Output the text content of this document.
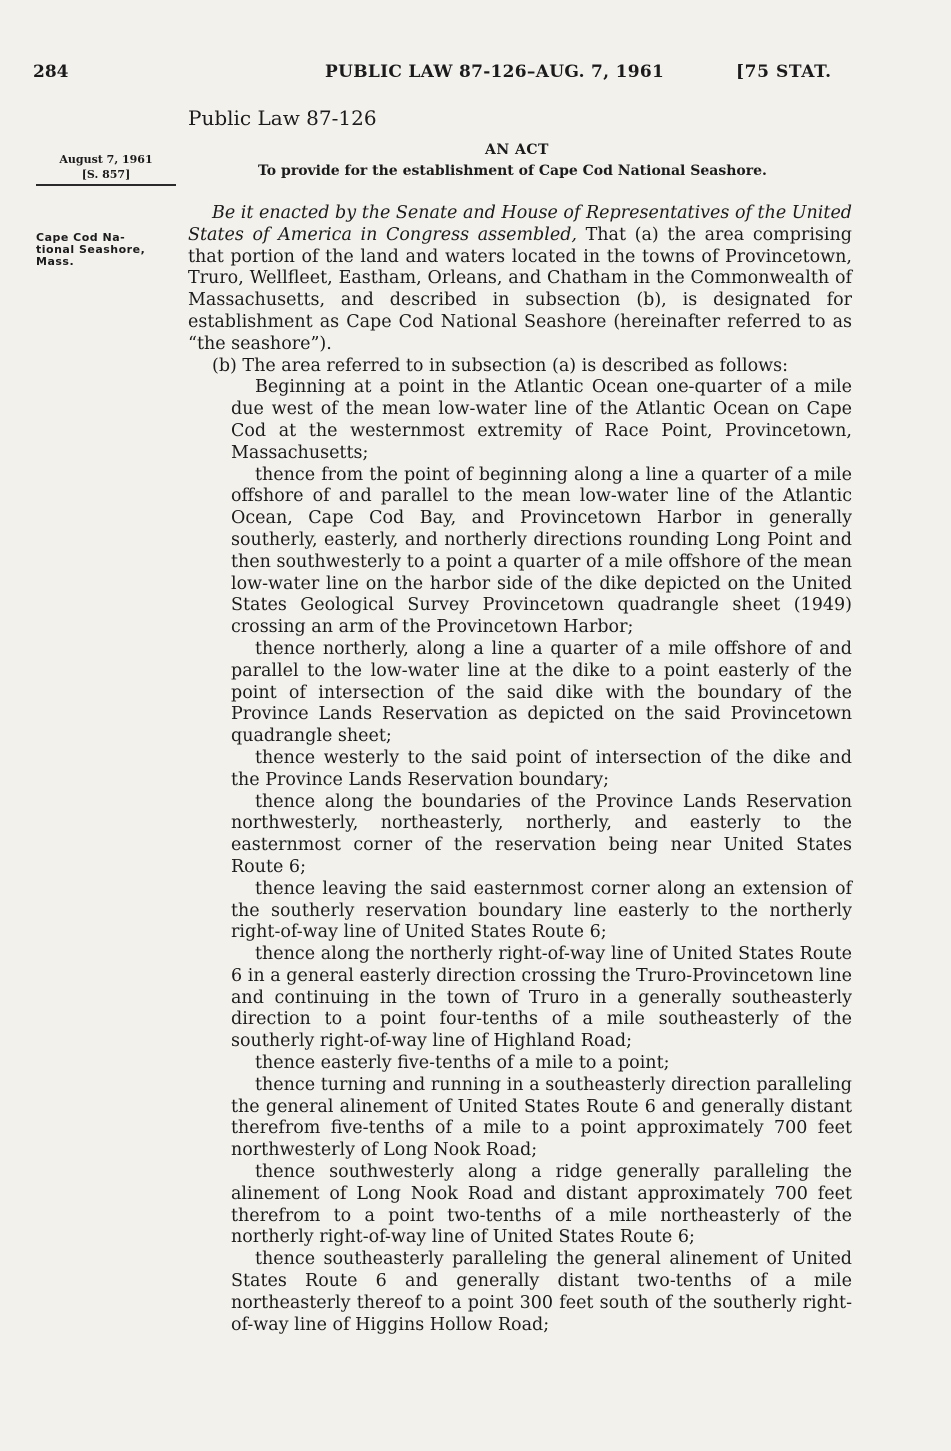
284	PUBLIC LAW 87-126–AUG. 7, 1961	[75 STAT.
Public Law 87-126
August 7, 1961
[S. 857]
AN ACT
To provide for the establishment of Cape Cod National Seashore.
Cape Cod Na-
tional Seashore,
Mass.

Be it enacted by the Senate and House of Representatives of the United States of America in Congress assembled, That (a) the area comprising that portion of the land and waters located in the towns of Provincetown, Truro, Wellfleet, Eastham, Orleans, and Chatham in the Commonwealth of Massachusetts, and described in subsection (b), is designated for establishment as Cape Cod National Seashore (hereinafter referred to as “the seashore”).

(b) The area referred to in subsection (a) is described as follows:

Beginning at a point in the Atlantic Ocean one-quarter of a mile due west of the mean low-water line of the Atlantic Ocean on Cape Cod at the westernmost extremity of Race Point, Provincetown, Massachusetts;

thence from the point of beginning along a line a quarter of a mile offshore of and parallel to the mean low-water line of the Atlantic Ocean, Cape Cod Bay, and Provincetown Harbor in generally southerly, easterly, and northerly directions rounding Long Point and then southwesterly to a point a quarter of a mile offshore of the mean low-water line on the harbor side of the dike depicted on the United States Geological Survey Provincetown quadrangle sheet (1949) crossing an arm of the Provincetown Harbor;

thence northerly, along a line a quarter of a mile offshore of and parallel to the low-water line at the dike to a point easterly of the point of intersection of the said dike with the boundary of the Province Lands Reservation as depicted on the said Provincetown quadrangle sheet;

thence westerly to the said point of intersection of the dike and the Province Lands Reservation boundary;

thence along the boundaries of the Province Lands Reservation northwesterly, northeasterly, northerly, and easterly to the easternmost corner of the reservation being near United States Route 6;

thence leaving the said easternmost corner along an extension of the southerly reservation boundary line easterly to the northerly right-of-way line of United States Route 6;

thence along the northerly right-of-way line of United States Route 6 in a general easterly direction crossing the Truro-Provincetown line and continuing in the town of Truro in a generally southeasterly direction to a point four-tenths of a mile southeasterly of the southerly right-of-way line of Highland Road;

thence easterly five-tenths of a mile to a point;

thence turning and running in a southeasterly direction paralleling the general alinement of United States Route 6 and generally distant therefrom five-tenths of a mile to a point approximately 700 feet northwesterly of Long Nook Road;

thence southwesterly along a ridge generally paralleling the alinement of Long Nook Road and distant approximately 700 feet therefrom to a point two-tenths of a mile northeasterly of the northerly right-of-way line of United States Route 6;

thence southeasterly paralleling the general alinement of United States Route 6 and generally distant two-tenths of a mile northeasterly thereof to a point 300 feet south of the southerly right-of-way line of Higgins Hollow Road;
